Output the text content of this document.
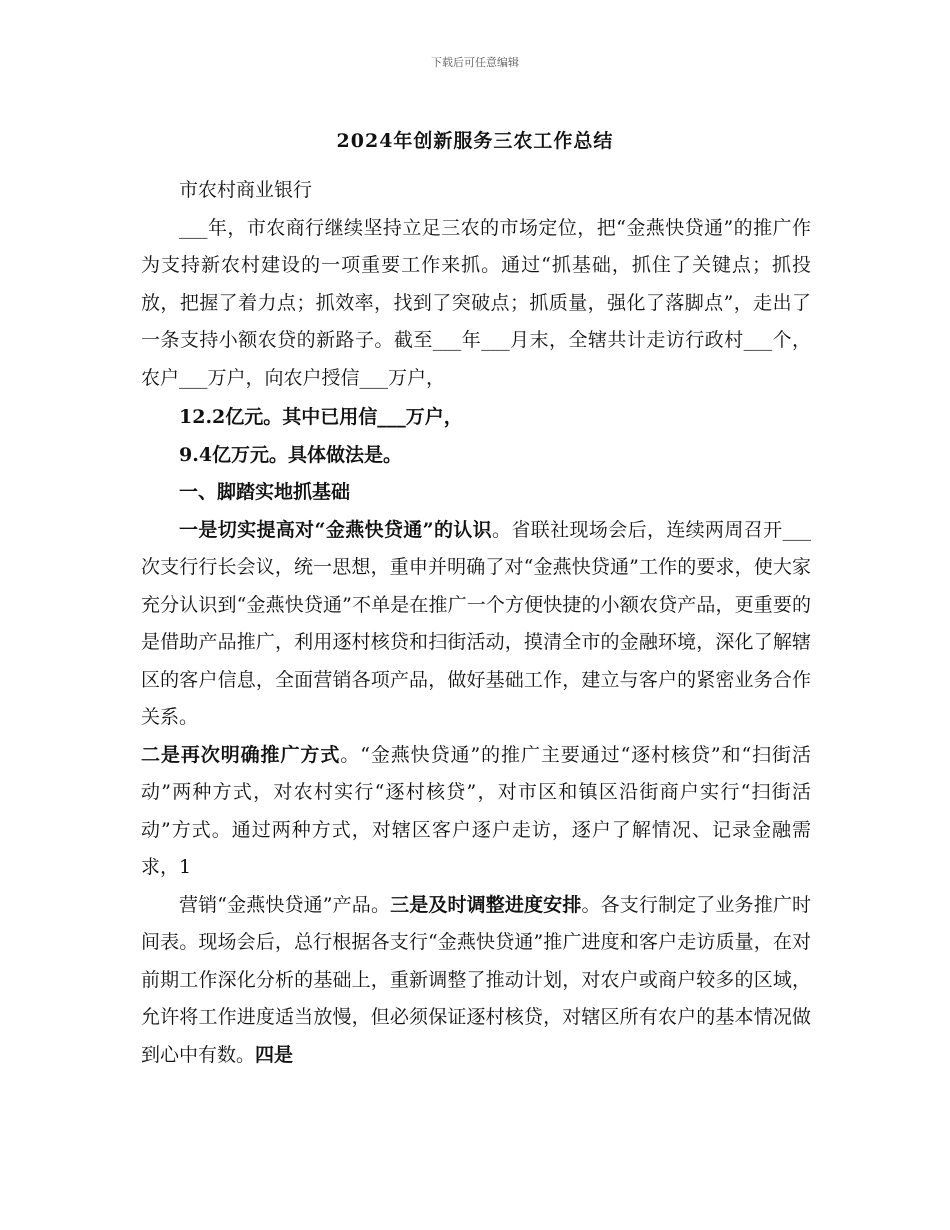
下载后可任意编辑
2024年创新服务三农工作总结

市农村商业银行

___年，市农商行继续坚持立足三农的市场定位，把“金燕快贷通”的推广作为支持新农村建设的一项重要工作来抓。通过“抓基础，抓住了关键点；抓投放，把握了着力点；抓效率，找到了突破点；抓质量，强化了落脚点”，走出了一条支持小额农贷的新路子。截至___年___月末，全辖共计走访行政村___个，农户___万户，向农户授信___万户，

12.2亿元。其中已用信___万户，

9.4亿万元。具体做法是。

一、脚踏实地抓基础

一是切实提高对“金燕快贷通”的认识。省联社现场会后，连续两周召开___次支行行长会议，统一思想，重申并明确了对“金燕快贷通”工作的要求，使大家充分认识到“金燕快贷通”不单是在推广一个方便快捷的小额农贷产品，更重要的是借助产品推广，利用逐村核贷和扫街活动，摸清全市的金融环境，深化了解辖区的客户信息，全面营销各项产品，做好基础工作，建立与客户的紧密业务合作关系。

二是再次明确推广方式。“金燕快贷通”的推广主要通过“逐村核贷”和“扫街活动”两种方式，对农村实行“逐村核贷”，对市区和镇区沿街商户实行“扫街活动”方式。通过两种方式，对辖区客户逐户走访，逐户了解情况、记录金融需求，1

营销“金燕快贷通”产品。三是及时调整进度安排。各支行制定了业务推广时间表。现场会后，总行根据各支行“金燕快贷通”推广进度和客户走访质量，在对前期工作深化分析的基础上，重新调整了推动计划，对农户或商户较多的区域，允许将工作进度适当放慢，但必须保证逐村核贷，对辖区所有农户的基本情况做到心中有数。四是
